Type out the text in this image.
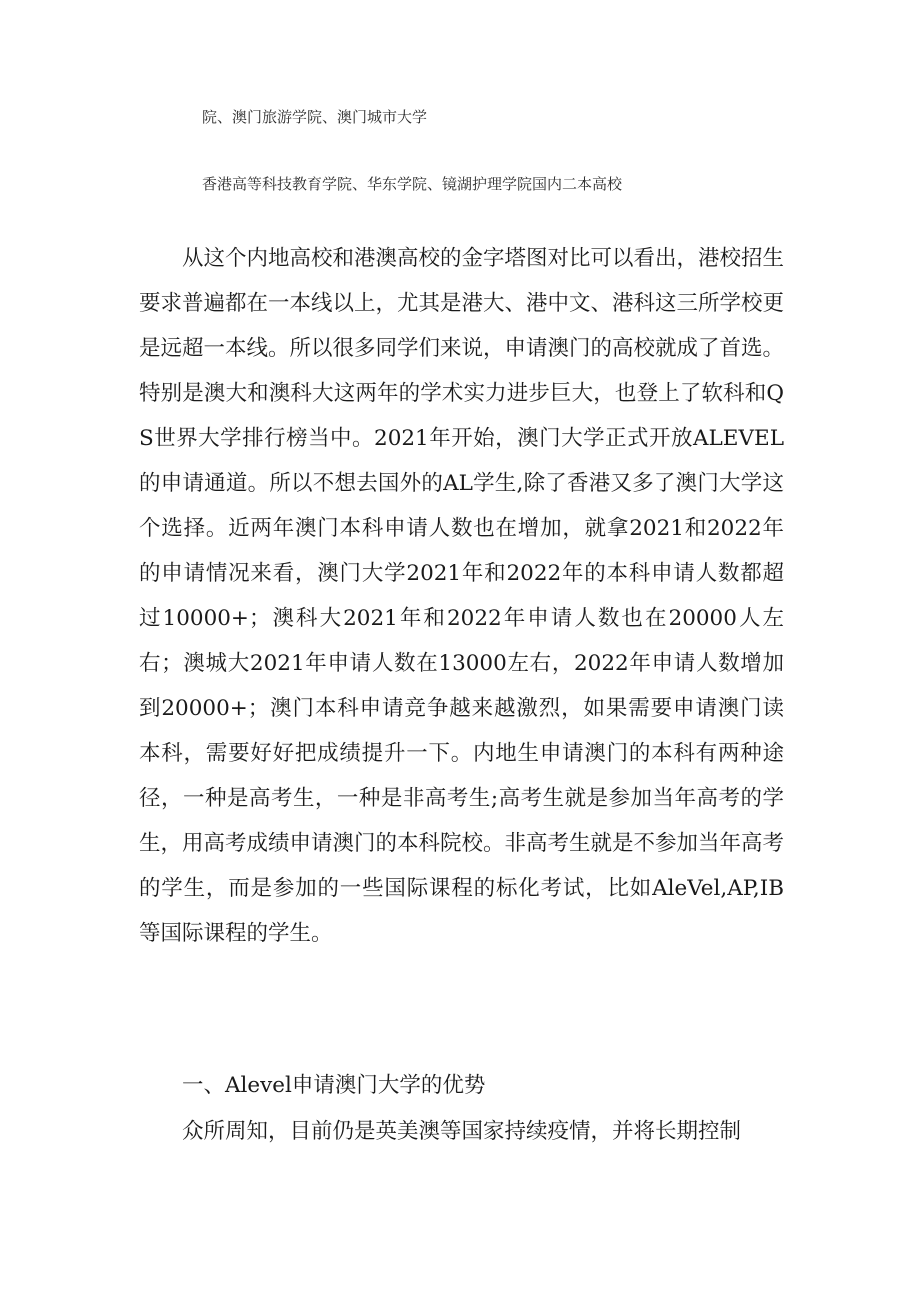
院、澳门旅游学院、澳门城市大学
香港高等科技教育学院、华东学院、镜湖护理学院国内二本高校

从这个内地高校和港澳高校的金字塔图对比可以看出，港校招生要求普遍都在一本线以上，尤其是港大、港中文、港科这三所学校更是远超一本线。所以很多同学们来说，申请澳门的高校就成了首选。特别是澳大和澳科大这两年的学术实力进步巨大，也登上了软科和QS世界大学排行榜当中。2021年开始，澳门大学正式开放ALEVEL的申请通道。所以不想去国外的AL学生,除了香港又多了澳门大学这个选择。近两年澳门本科申请人数也在增加，就拿2021和2022年的申请情况来看，澳门大学2021年和2022年的本科申请人数都超过10000+；澳科大2021年和2022年申请人数也在20000人左右；澳城大2021年申请人数在13000左右，2022年申请人数增加到20000+；澳门本科申请竞争越来越激烈，如果需要申请澳门读本科，需要好好把成绩提升一下。内地生申请澳门的本科有两种途径，一种是高考生，一种是非高考生;高考生就是参加当年高考的学生，用高考成绩申请澳门的本科院校。非高考生就是不参加当年高考的学生，而是参加的一些国际课程的标化考试，比如AleVel,AP,IB等国际课程的学生。

一、Alevel申请澳门大学的优势

众所周知，目前仍是英美澳等国家持续疫情，并将长期控制
